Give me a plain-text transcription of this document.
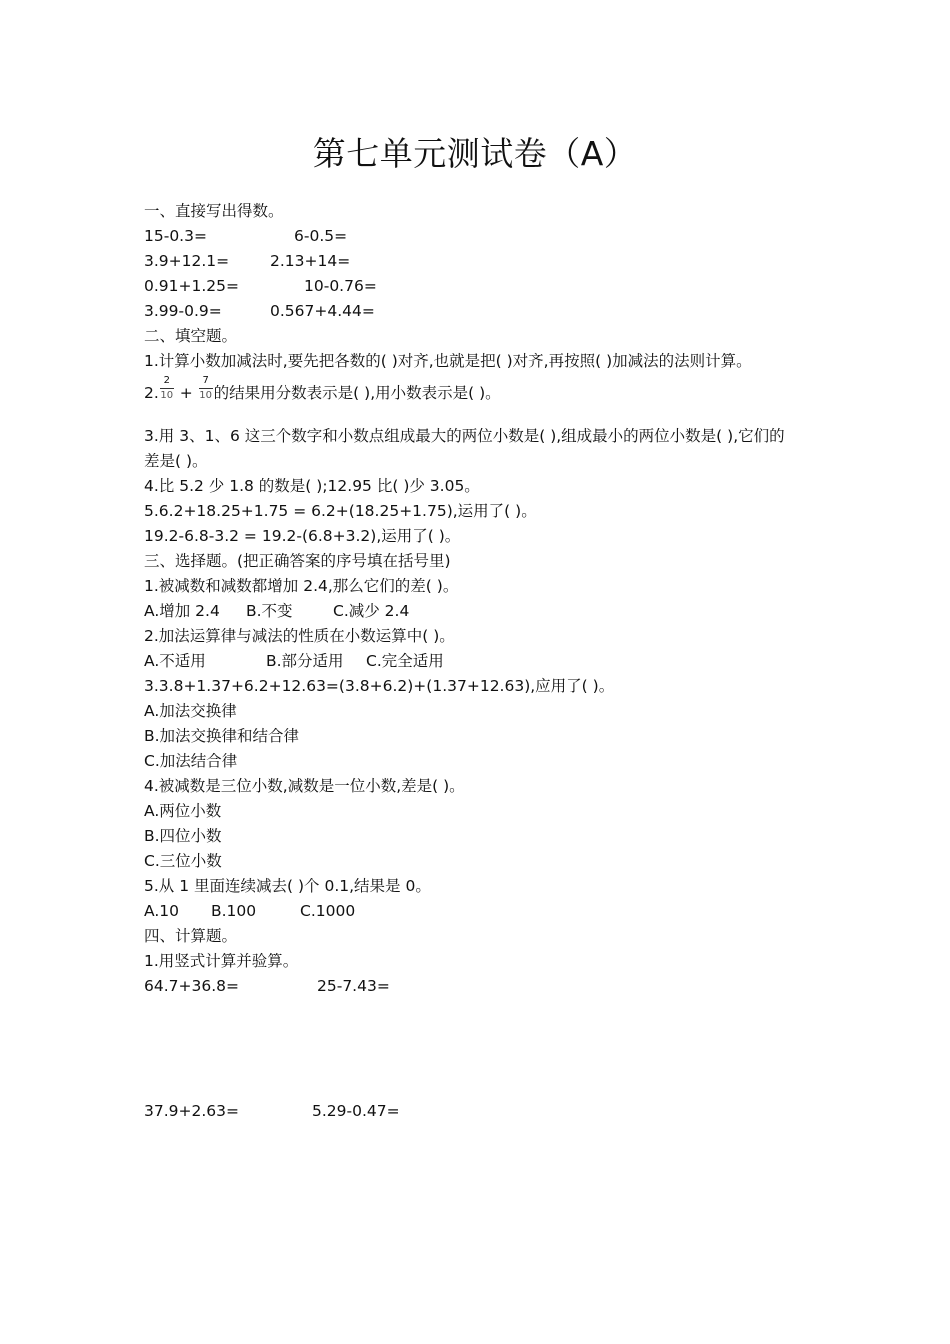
第七单元测试卷（A）
一、直接写出得数。
15-0.3=	6-0.5=
3.9+12.1=	2.13+14=
0.91+1.25=	10-0.76=
3.99-0.9=	0.567+4.44=
二、填空题。
1.计算小数加减法时,要先把各数的( )对齐,也就是把( )对齐,再按照( )加减法的法则计算。
2. $\frac{2}{10} + \frac{7}{10}$ 的结果用分数表示是( ),用小数表示是( )。
3.用 3、1、6 这三个数字和小数点组成最大的两位小数是( ),组成最小的两位小数是( ),它们的差是( )。
4.比 5.2 少 1.8 的数是( );12.95 比( )少 3.05。
5.6.2+18.25+1.75 = 6.2+(18.25+1.75),运用了( )。
19.2-6.8-3.2 = 19.2-(6.8+3.2),运用了( )。
三、选择题。(把正确答案的序号填在括号里)
1.被减数和减数都增加 2.4,那么它们的差( )。
A.增加 2.4 B.不变	C.减少 2.4
2.加法运算律与减法的性质在小数运算中( )。
A.不适用	B.部分适用 C.完全适用
3.3.8+1.37+6.2+12.63=(3.8+6.2)+(1.37+12.63),应用了( )。
A.加法交换律
B.加法交换律和结合律
C.加法结合律
4.被减数是三位小数,减数是一位小数,差是( )。
A.两位小数
B.四位小数
C.三位小数
5.从 1 里面连续减去( )个 0.1,结果是 0。
A.10 B.100	C.1000
四、计算题。
1.用竖式计算并验算。
64.7+36.8=	25-7.43=
37.9+2.63=	5.29-0.47=
